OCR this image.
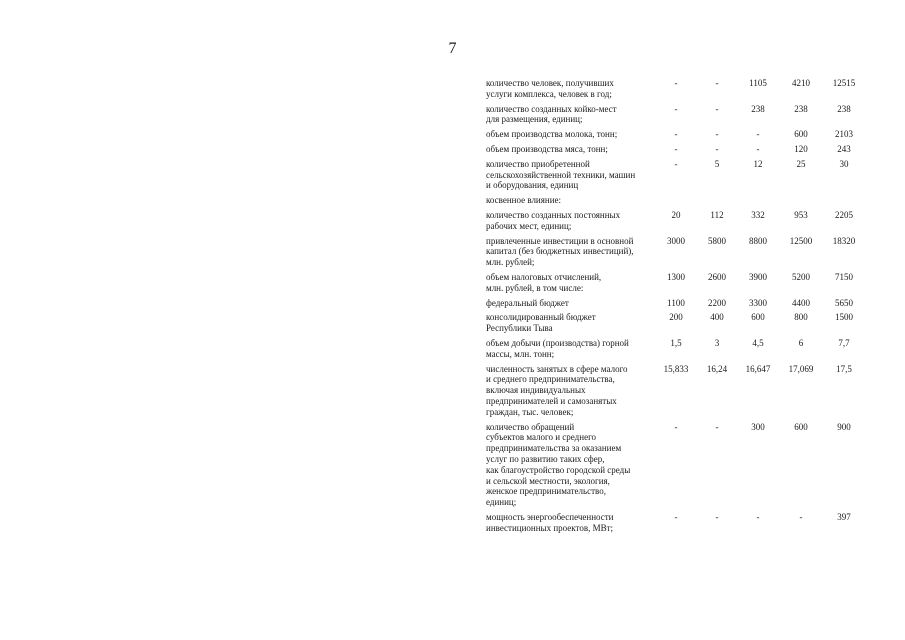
7
количество человек, получивших
услуги комплекса, человек в год;
-	-	1105	4210	12515
количество созданных койко-мест
для размещения, единиц;
-	-	238	238	238
объем производства молока, тонн;	-	-	-	600	2103
объем производства мяса, тонн;	-	-	-	120	243
количество приобретенной
сельскохозяйственной техники, машин
и оборудования, единиц
-	5	12	25	30
косвенное влияние:
количество созданных постоянных
рабочих мест, единиц;
20	112	332	953	2205
привлеченные инвестиции в основной
капитал (без бюджетных инвестиций),
млн. рублей;
3000	5800	8800	12500	18320
объем налоговых отчислений,
млн. рублей, в том числе:
1300	2600	3900	5200	7150
федеральный бюджет	1100	2200	3300	4400	5650
консолидированный бюджет
Республики Тыва
200	400	600	800	1500
объем добычи (производства) горной
массы, млн. тонн;
1,5	3	4,5	6	7,7
численность занятых в сфере малого
и среднего предпринимательства,
включая индивидуальных
предпринимателей и самозанятых
граждан, тыс. человек;
15,833	16,24	16,647	17,069	17,5
количество обращений
субъектов малого и среднего
предпринимательства за оказанием
услуг по развитию таких сфер,
как благоустройство городской среды
и сельской местности, экология,
женское предпринимательство,
единиц;
-	-	300	600	900
мощность энергообеспеченности
инвестиционных проектов, МВт;
-	-	-	-	397
